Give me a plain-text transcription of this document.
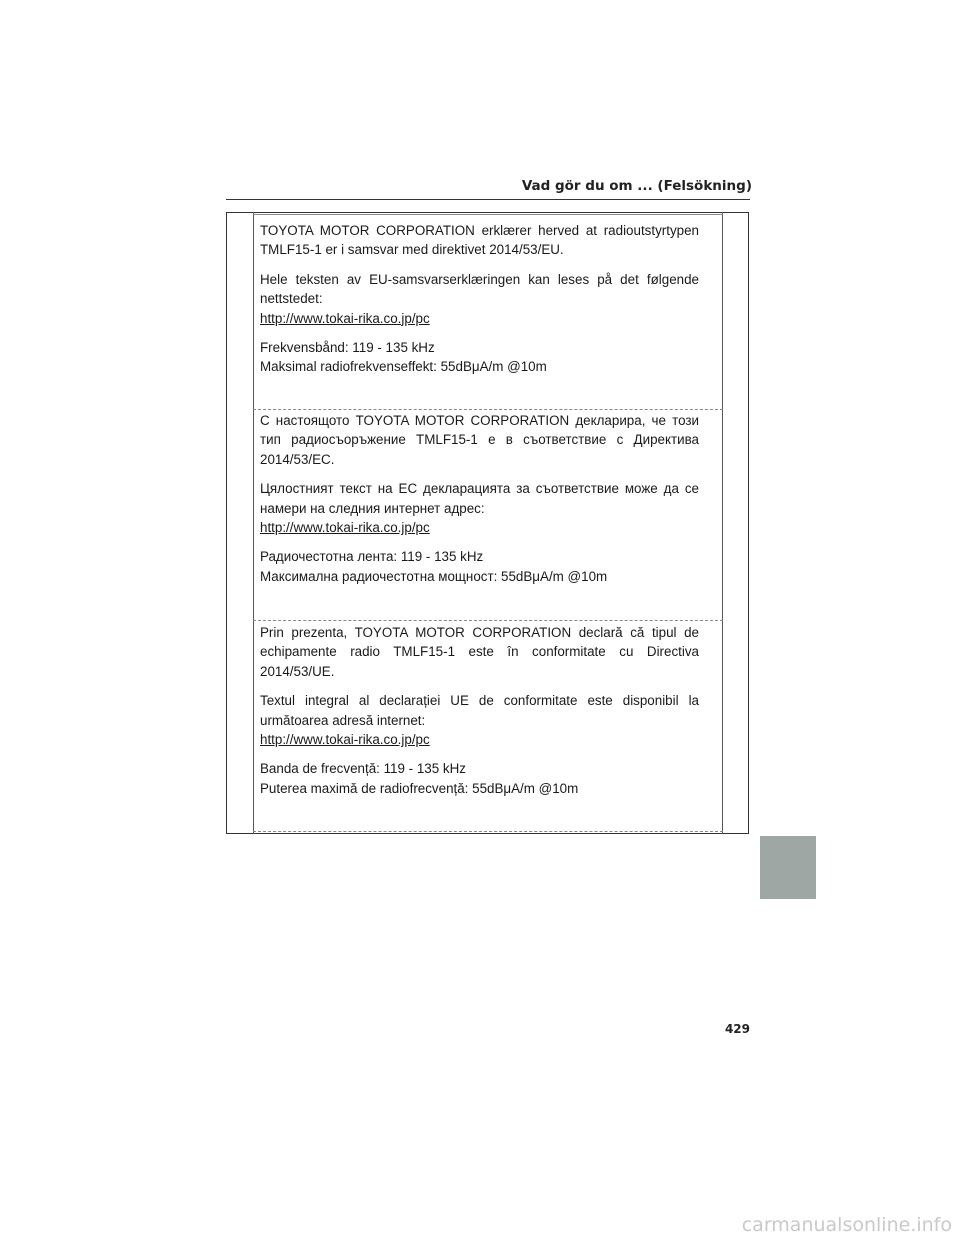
Vad gör du om ... (Felsökning)

TOYOTA MOTOR CORPORATION erklærer herved at radioutstyrtypen TMLF15-1 er i samsvar med direktivet 2014/53/EU.

Hele teksten av EU-samsvarserklæringen kan leses på det følgende nettstedet:

http://www.tokai-rika.co.jp/pc

Frekvensbånd: 119 - 135 kHz

Maksimal radiofrekvenseffekt: 55dBμA/m @10m

С настоящото TOYOTA MOTOR CORPORATION декларира, че този тип радиосъоръжение TMLF15-1 е в съответствие с Директива 2014/53/ЕС.

Цялостният текст на ЕС декларацията за съответствие може да се намери на следния интернет адрес:

http://www.tokai-rika.co.jp/pc

Радиочестотна лента: 119 - 135 kHz

Максимална радиочестотна мощност: 55dBμA/m @10m

Prin prezenta, TOYOTA MOTOR CORPORATION declară că tipul de echipamente radio TMLF15-1 este în conformitate cu Directiva 2014/53/UE.

Textul integral al declarației UE de conformitate este disponibil la următoarea adresă internet:

http://www.tokai-rika.co.jp/pc

Banda de frecvență: 119 - 135 kHz

Puterea maximă de radiofrecvență: 55dBμA/m @10m

429
carmanualsonline.info
